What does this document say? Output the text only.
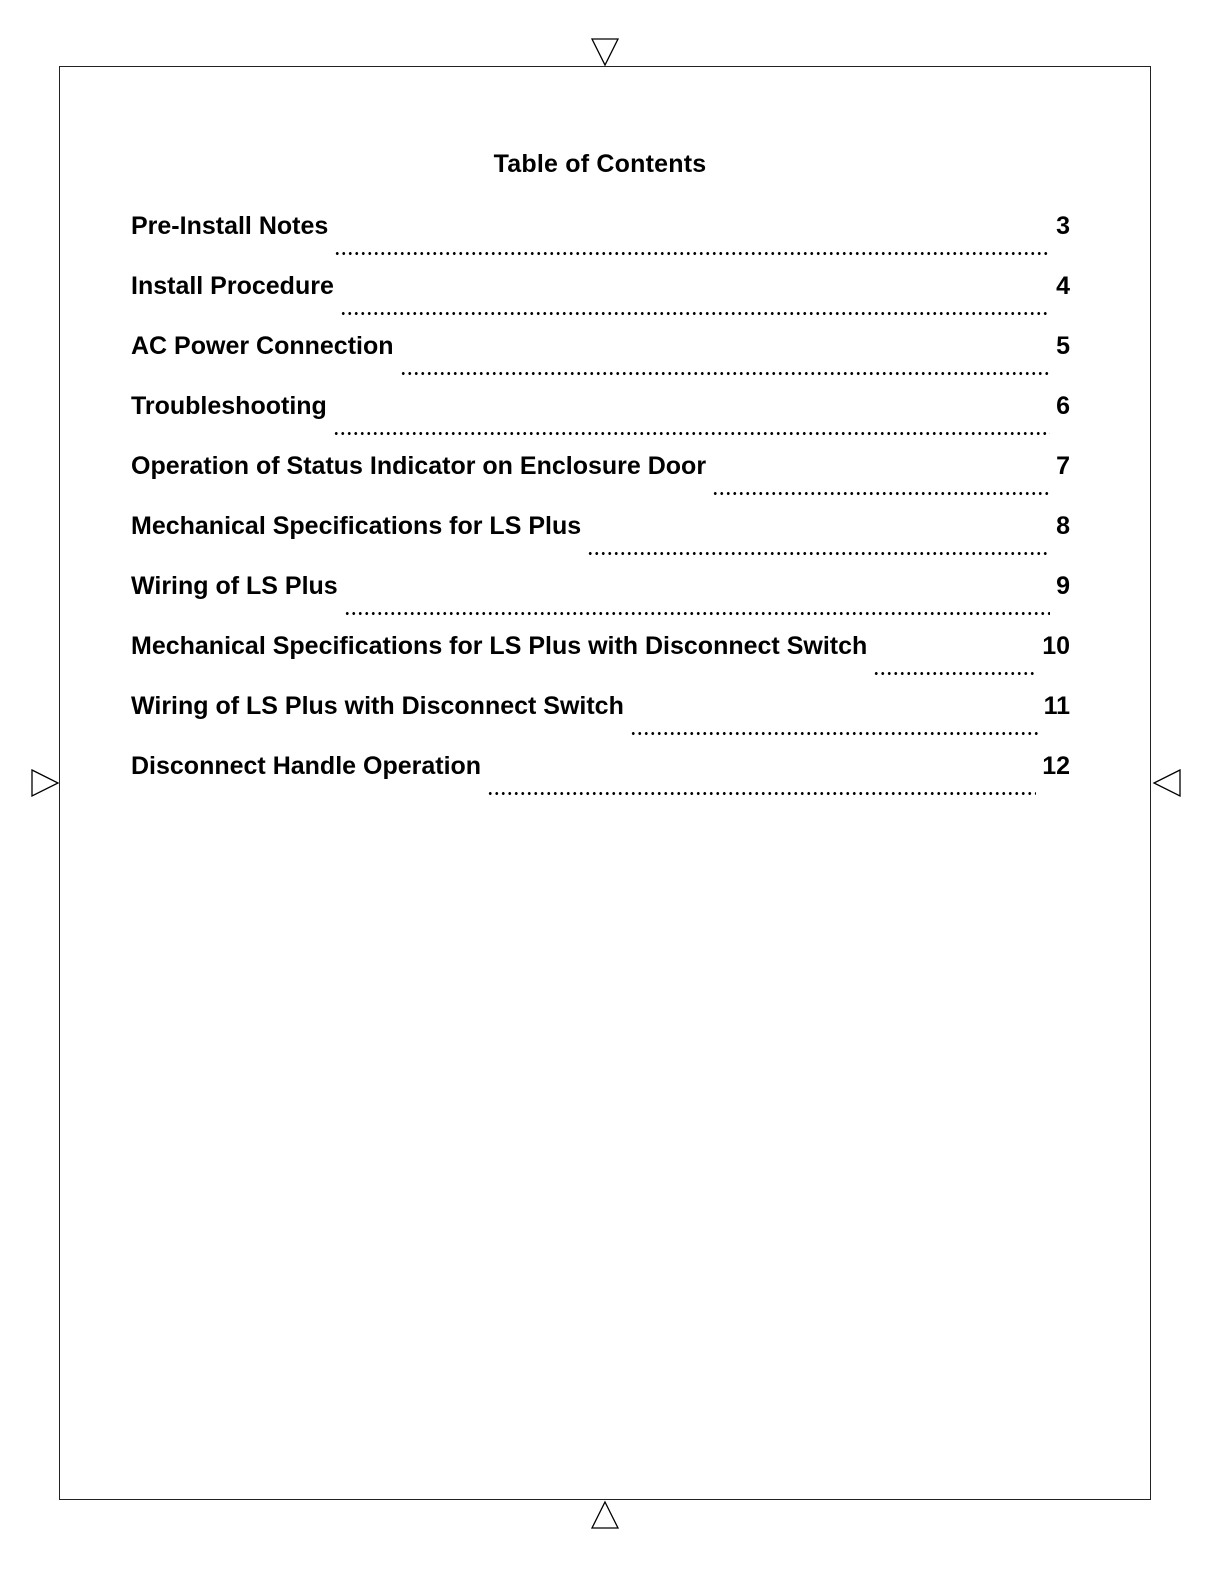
Table of Contents
Pre-Install Notes	3
Install Procedure	4
AC Power Connection	5
Troubleshooting	6
Operation of Status Indicator on Enclosure Door	7
Mechanical Specifications for LS Plus	8
Wiring of LS Plus	9
Mechanical Specifications for LS Plus with Disconnect Switch	10
Wiring of LS Plus with Disconnect Switch	11
Disconnect Handle Operation	12
